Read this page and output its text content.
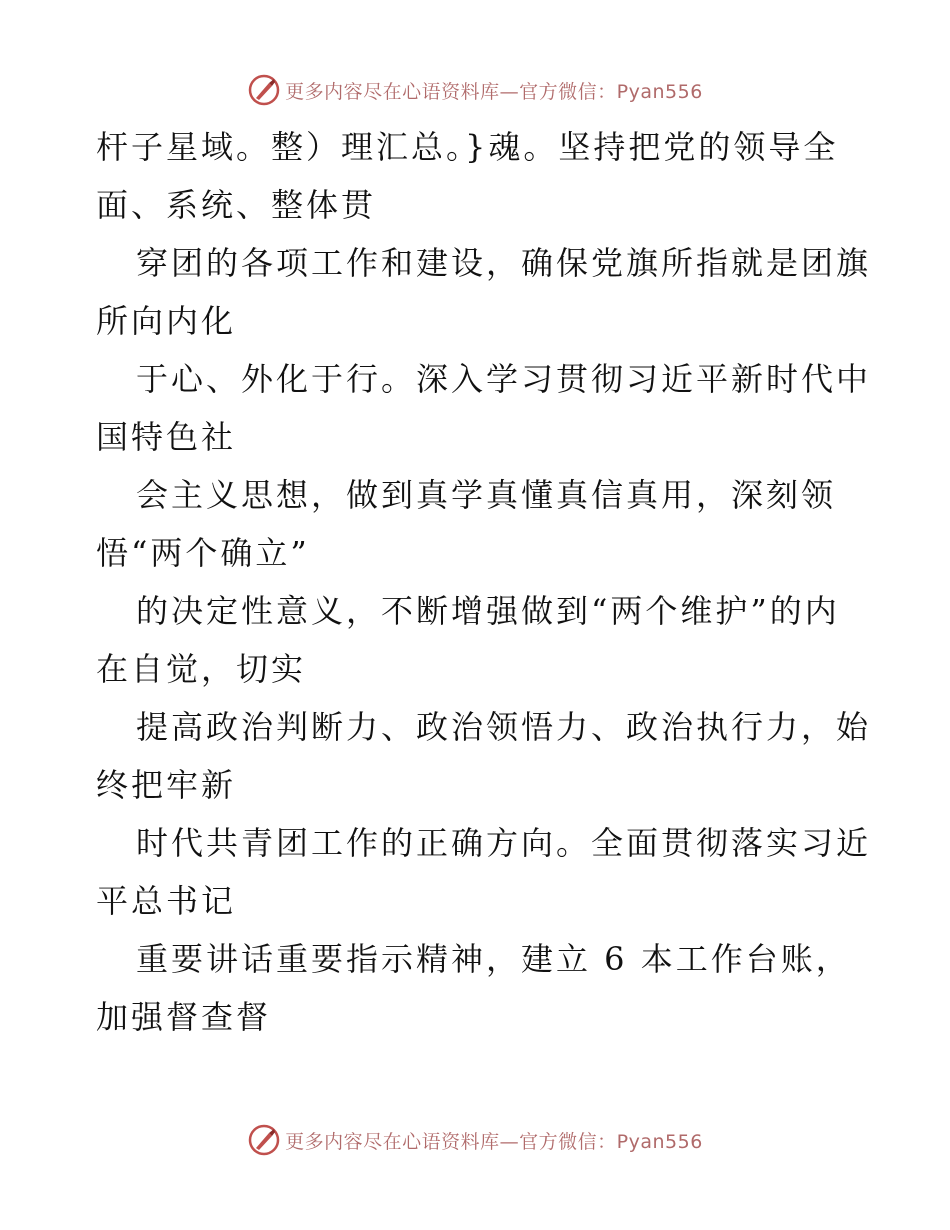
更多内容尽在心语资料库—官方微信：Pyan556
杆子星域。整）理汇总。}魂。坚持把党的领导全
面、系统、整体贯
穿团的各项工作和建设，确保党旗所指就是团旗
所向内化
于心、外化于行。深入学习贯彻习近平新时代中
国特色社
会主义思想，做到真学真懂真信真用，深刻领
悟“两个确立”
的决定性意义，不断增强做到“两个维护”的内
在自觉，切实
提高政治判断力、政治领悟力、政治执行力，始
终把牢新
时代共青团工作的正确方向。全面贯彻落实习近
平总书记
重要讲话重要指示精神，建立 6 本工作台账，
加强督查督
更多内容尽在心语资料库—官方微信：Pyan556
